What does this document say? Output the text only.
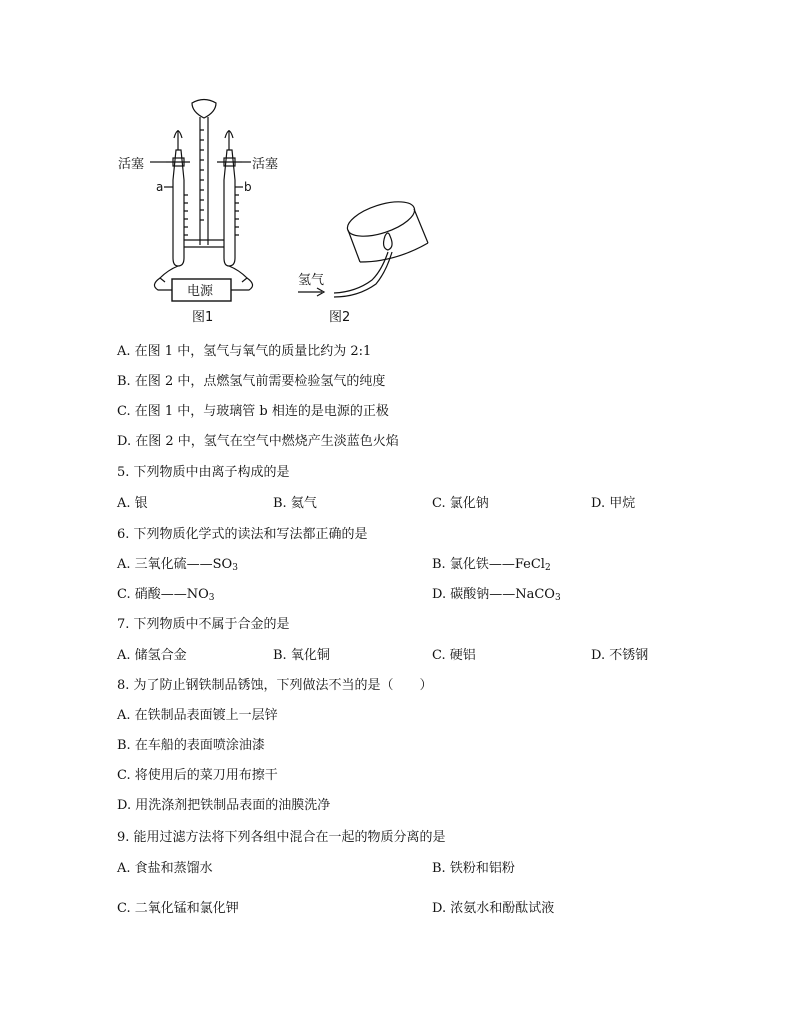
活塞	活塞
a	b
电源
图1
氢气
图2
A. 在图 1 中，氢气与氧气的质量比约为 2:1
B. 在图 2 中，点燃氢气前需要检验氢气的纯度
C. 在图 1 中，与玻璃管 b 相连的是电源的正极
D. 在图 2 中，氢气在空气中燃烧产生淡蓝色火焰
5. 下列物质中由离子构成的是
A. 银	B. 氦气	C. 氯化钠	D. 甲烷
6. 下列物质化学式的读法和写法都正确的是
A. 三氧化硫$——SO_3$	B. 氯化铁——FeCl$_2$
C. 硝酸$——NO_3$	D. 碳酸钠——NaCO$_3$
7. 下列物质中不属于合金的是
A. 储氢合金	B. 氧化铜	C. 硬铝	D. 不锈钢
8. 为了防止钢铁制品锈蚀，下列做法不当的是（　　）
A. 在铁制品表面镀上一层锌
B. 在车船的表面喷涂油漆
C. 将使用后的菜刀用布擦干
D. 用洗涤剂把铁制品表面的油膜洗净
9. 能用过滤方法将下列各组中混合在一起的物质分离的是
A. 食盐和蒸馏水	B. 铁粉和铝粉
C. 二氧化锰和氯化钾	D. 浓氨水和酚酞试液
